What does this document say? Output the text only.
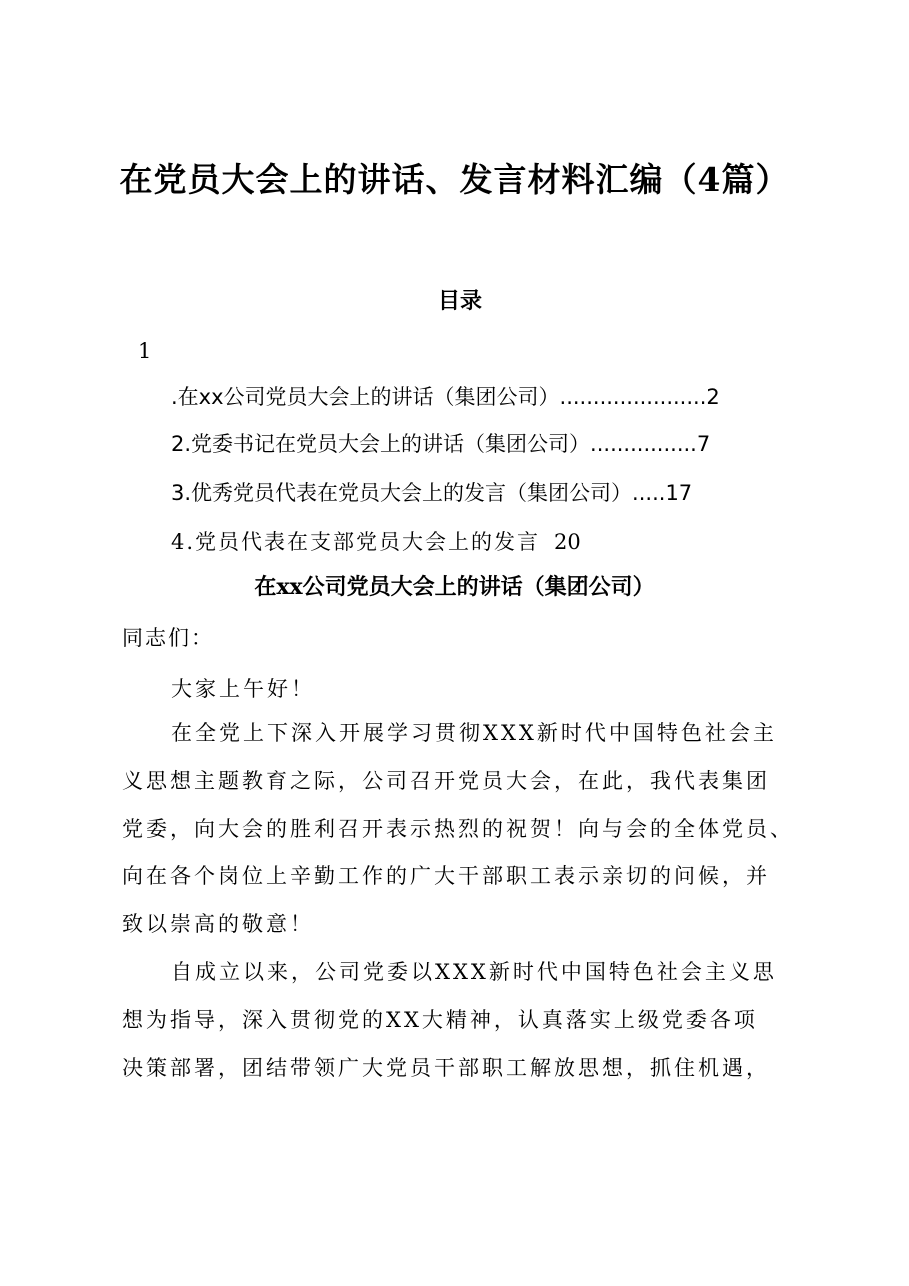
在党员大会上的讲话、发言材料汇编（4篇）
目录
1
.在xx公司党员大会上的讲话（集团公司）......................2
2.党委书记在党员大会上的讲话（集团公司）................7
3.优秀党员代表在党员大会上的发言（集团公司）.....17
4.党员代表在支部党员大会上的发言 20
在xx公司党员大会上的讲话（集团公司）
同志们：
大家上午好！
在全党上下深入开展学习贯彻XXX新时代中国特色社会主
义思想主题教育之际，公司召开党员大会，在此，我代表集团
党委，向大会的胜利召开表示热烈的祝贺！向与会的全体党员、
向在各个岗位上辛勤工作的广大干部职工表示亲切的问候，并
致以崇高的敬意！
自成立以来，公司党委以XXX新时代中国特色社会主义思
想为指导，深入贯彻党的XX大精神，认真落实上级党委各项
决策部署，团结带领广大党员干部职工解放思想，抓住机遇，
